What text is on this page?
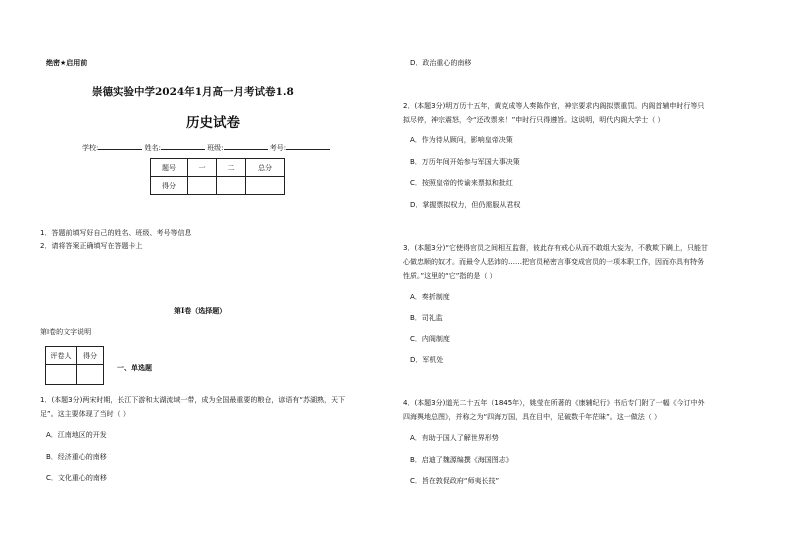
绝密★启用前
崇德实验中学2024年1月高一月考试卷1.8
历史试卷
学校:	姓名:	班级:	考号:
题号	一	二	总分
得分			
1．答题前填写好自己的姓名、班级、考号等信息
2．请将答案正确填写在答题卡上
第I卷（选择题）
第I卷的文字说明
评卷人	得分

一、单选题
1．(本题3分)两宋时期，长江下游和太湖流域一带，成为全国最重要的粮仓，谚语有“苏湖熟，天下
足”。这主要体现了当时（ ）
A．江南地区的开发
B．经济重心的南移
C．文化重心的南移
D．政治重心的南移
2．(本题3分)明万历十五年，黄克成等人奏陈作官，神宗要求内阁拟票重罚。内阁首辅申时行等只
拟尽停，神宗震怒，令“还改票来！”申时行只得遵旨。这说明，明代内阁大学士（ ）
A．作为待从顾问，影响皇帝决策
B．万历年间开始参与军国大事决策
C．按照皇帝的传谕来票拟和批红
D．掌握票拟权力，但仍需服从君权
3．(本题3分)“它使得官员之间相互监督，彼此存有戒心从而不敢组大妄为，不教欺下瞒上，只能甘
心做忠顺的奴才。而最令人恶沛的……把官员秘密言事变成官员的一项本职工作，因而亦具有特务
性质。”这里的“它”指的是（ ）
A．奏折制度
B．司礼监
C．内阁制度
D．军机处
4．(本题3分)道光二十五年（1845年），姚莹在所著的《康辅纪行》书后专门附了一幅《今订中外
四海舆地总图》，并称之为“四海万国，具在目中，足破数千年茫昧”。这一做法（ ）
A．有助于国人了解世界形势
B．启迪了魏源编撰《海国图志》
C．旨在敦促政府“师夷长技”
